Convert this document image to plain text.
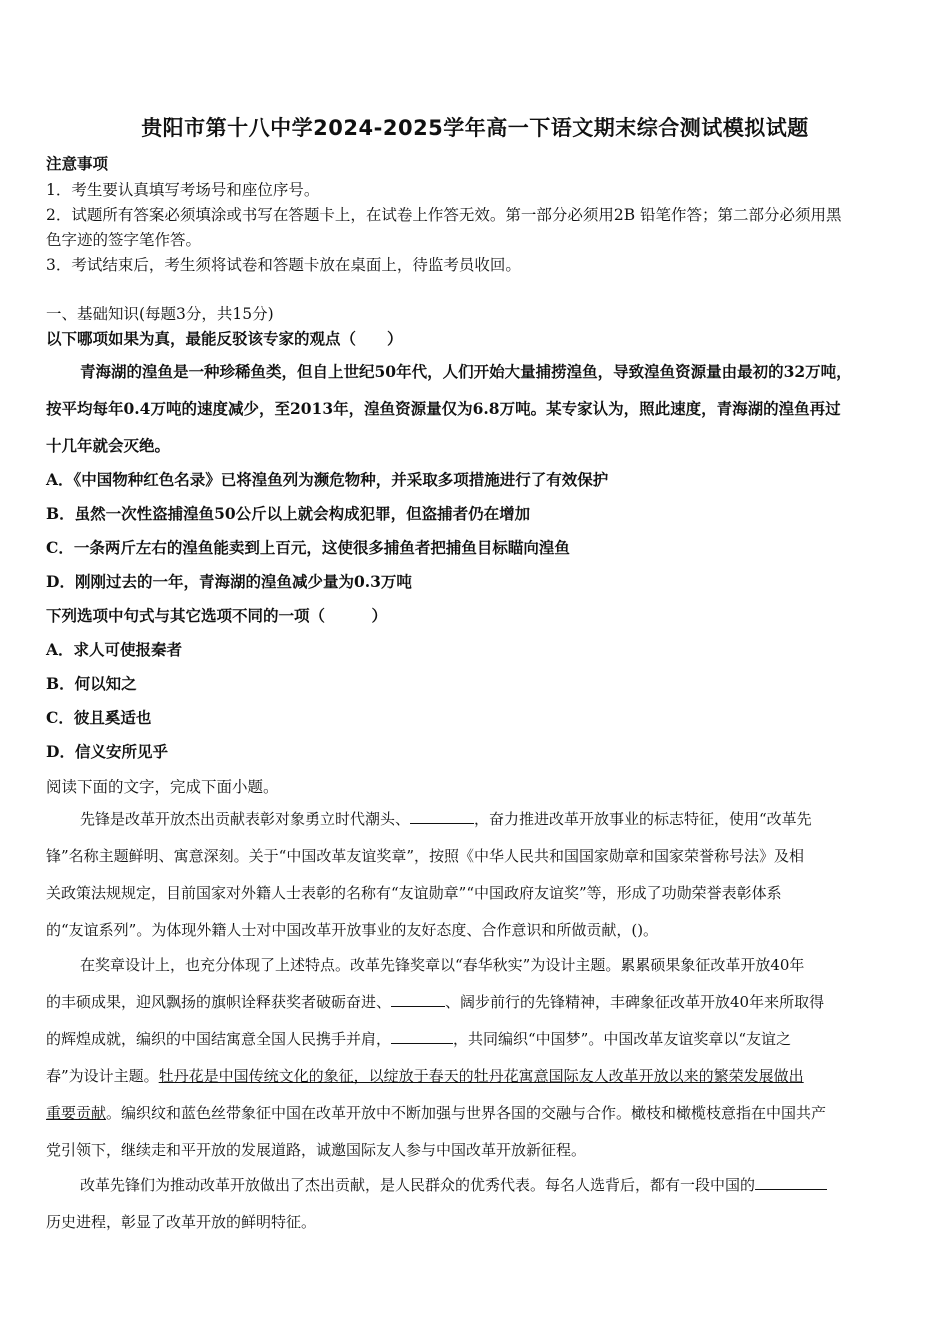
贵阳市第十八中学2024-2025学年高一下语文期末综合测试模拟试题
注意事项
1．考生要认真填写考场号和座位序号。
2．试题所有答案必须填涂或书写在答题卡上，在试卷上作答无效。第一部分必须用2B 铅笔作答；第二部分必须用黑
色字迹的签字笔作答。
3．考试结束后，考生须将试卷和答题卡放在桌面上，待监考员收回。
一、基础知识(每题3分，共15分)
以下哪项如果为真，最能反驳该专家的观点（　　）
青海湖的湟鱼是一种珍稀鱼类，但自上世纪50年代，人们开始大量捕捞湟鱼，导致湟鱼资源量由最初的32万吨，
按平均每年0.4万吨的速度减少，至2013年，湟鱼资源量仅为6.8万吨。某专家认为，照此速度，青海湖的湟鱼再过
十几年就会灭绝。
A．《中国物种红色名录》已将湟鱼列为濒危物种，并采取多项措施进行了有效保护
B．虽然一次性盗捕湟鱼50公斤以上就会构成犯罪，但盗捕者仍在增加
C．一条两斤左右的湟鱼能卖到上百元，这使很多捕鱼者把捕鱼目标瞄向湟鱼
D．刚刚过去的一年，青海湖的湟鱼减少量为0.3万吨
下列选项中句式与其它选项不同的一项（　　　）
A．求人可使报秦者
B．何以知之
C．彼且奚适也
D．信义安所见乎
阅读下面的文字，完成下面小题。
先锋是改革开放杰出贡献表彰对象勇立时代潮头、	，奋力推进改革开放事业的标志特征，使用“改革先
锋”名称主题鲜明、寓意深刻。关于“中国改革友谊奖章”，按照《中华人民共和国国家勋章和国家荣誉称号法》及相
关政策法规规定，目前国家对外籍人士表彰的名称有“友谊勋章”“中国政府友谊奖”等，形成了功勋荣誉表彰体系
的“友谊系列”。为体现外籍人士对中国改革开放事业的友好态度、合作意识和所做贡献，()。
在奖章设计上，也充分体现了上述特点。改革先锋奖章以“春华秋实”为设计主题。累累硕果象征改革开放40年
的丰硕成果，迎风飘扬的旗帜诠释获奖者破砺奋进、	、阔步前行的先锋精神，丰碑象征改革开放40年来所取得
的辉煌成就，编织的中国结寓意全国人民携手并肩，	，共同编织“中国梦”。中国改革友谊奖章以“友谊之
春”为设计主题。牡丹花是中国传统文化的象征，以绽放于春天的牡丹花寓意国际友人改革开放以来的繁荣发展做出
重要贡献。编织纹和蓝色丝带象征中国在改革开放中不断加强与世界各国的交融与合作。橄枝和橄榄枝意指在中国共产
党引领下，继续走和平开放的发展道路，诚邀国际友人参与中国改革开放新征程。
改革先锋们为推动改革开放做出了杰出贡献，是人民群众的优秀代表。每名人选背后，都有一段中国的
历史进程，彰显了改革开放的鲜明特征。
